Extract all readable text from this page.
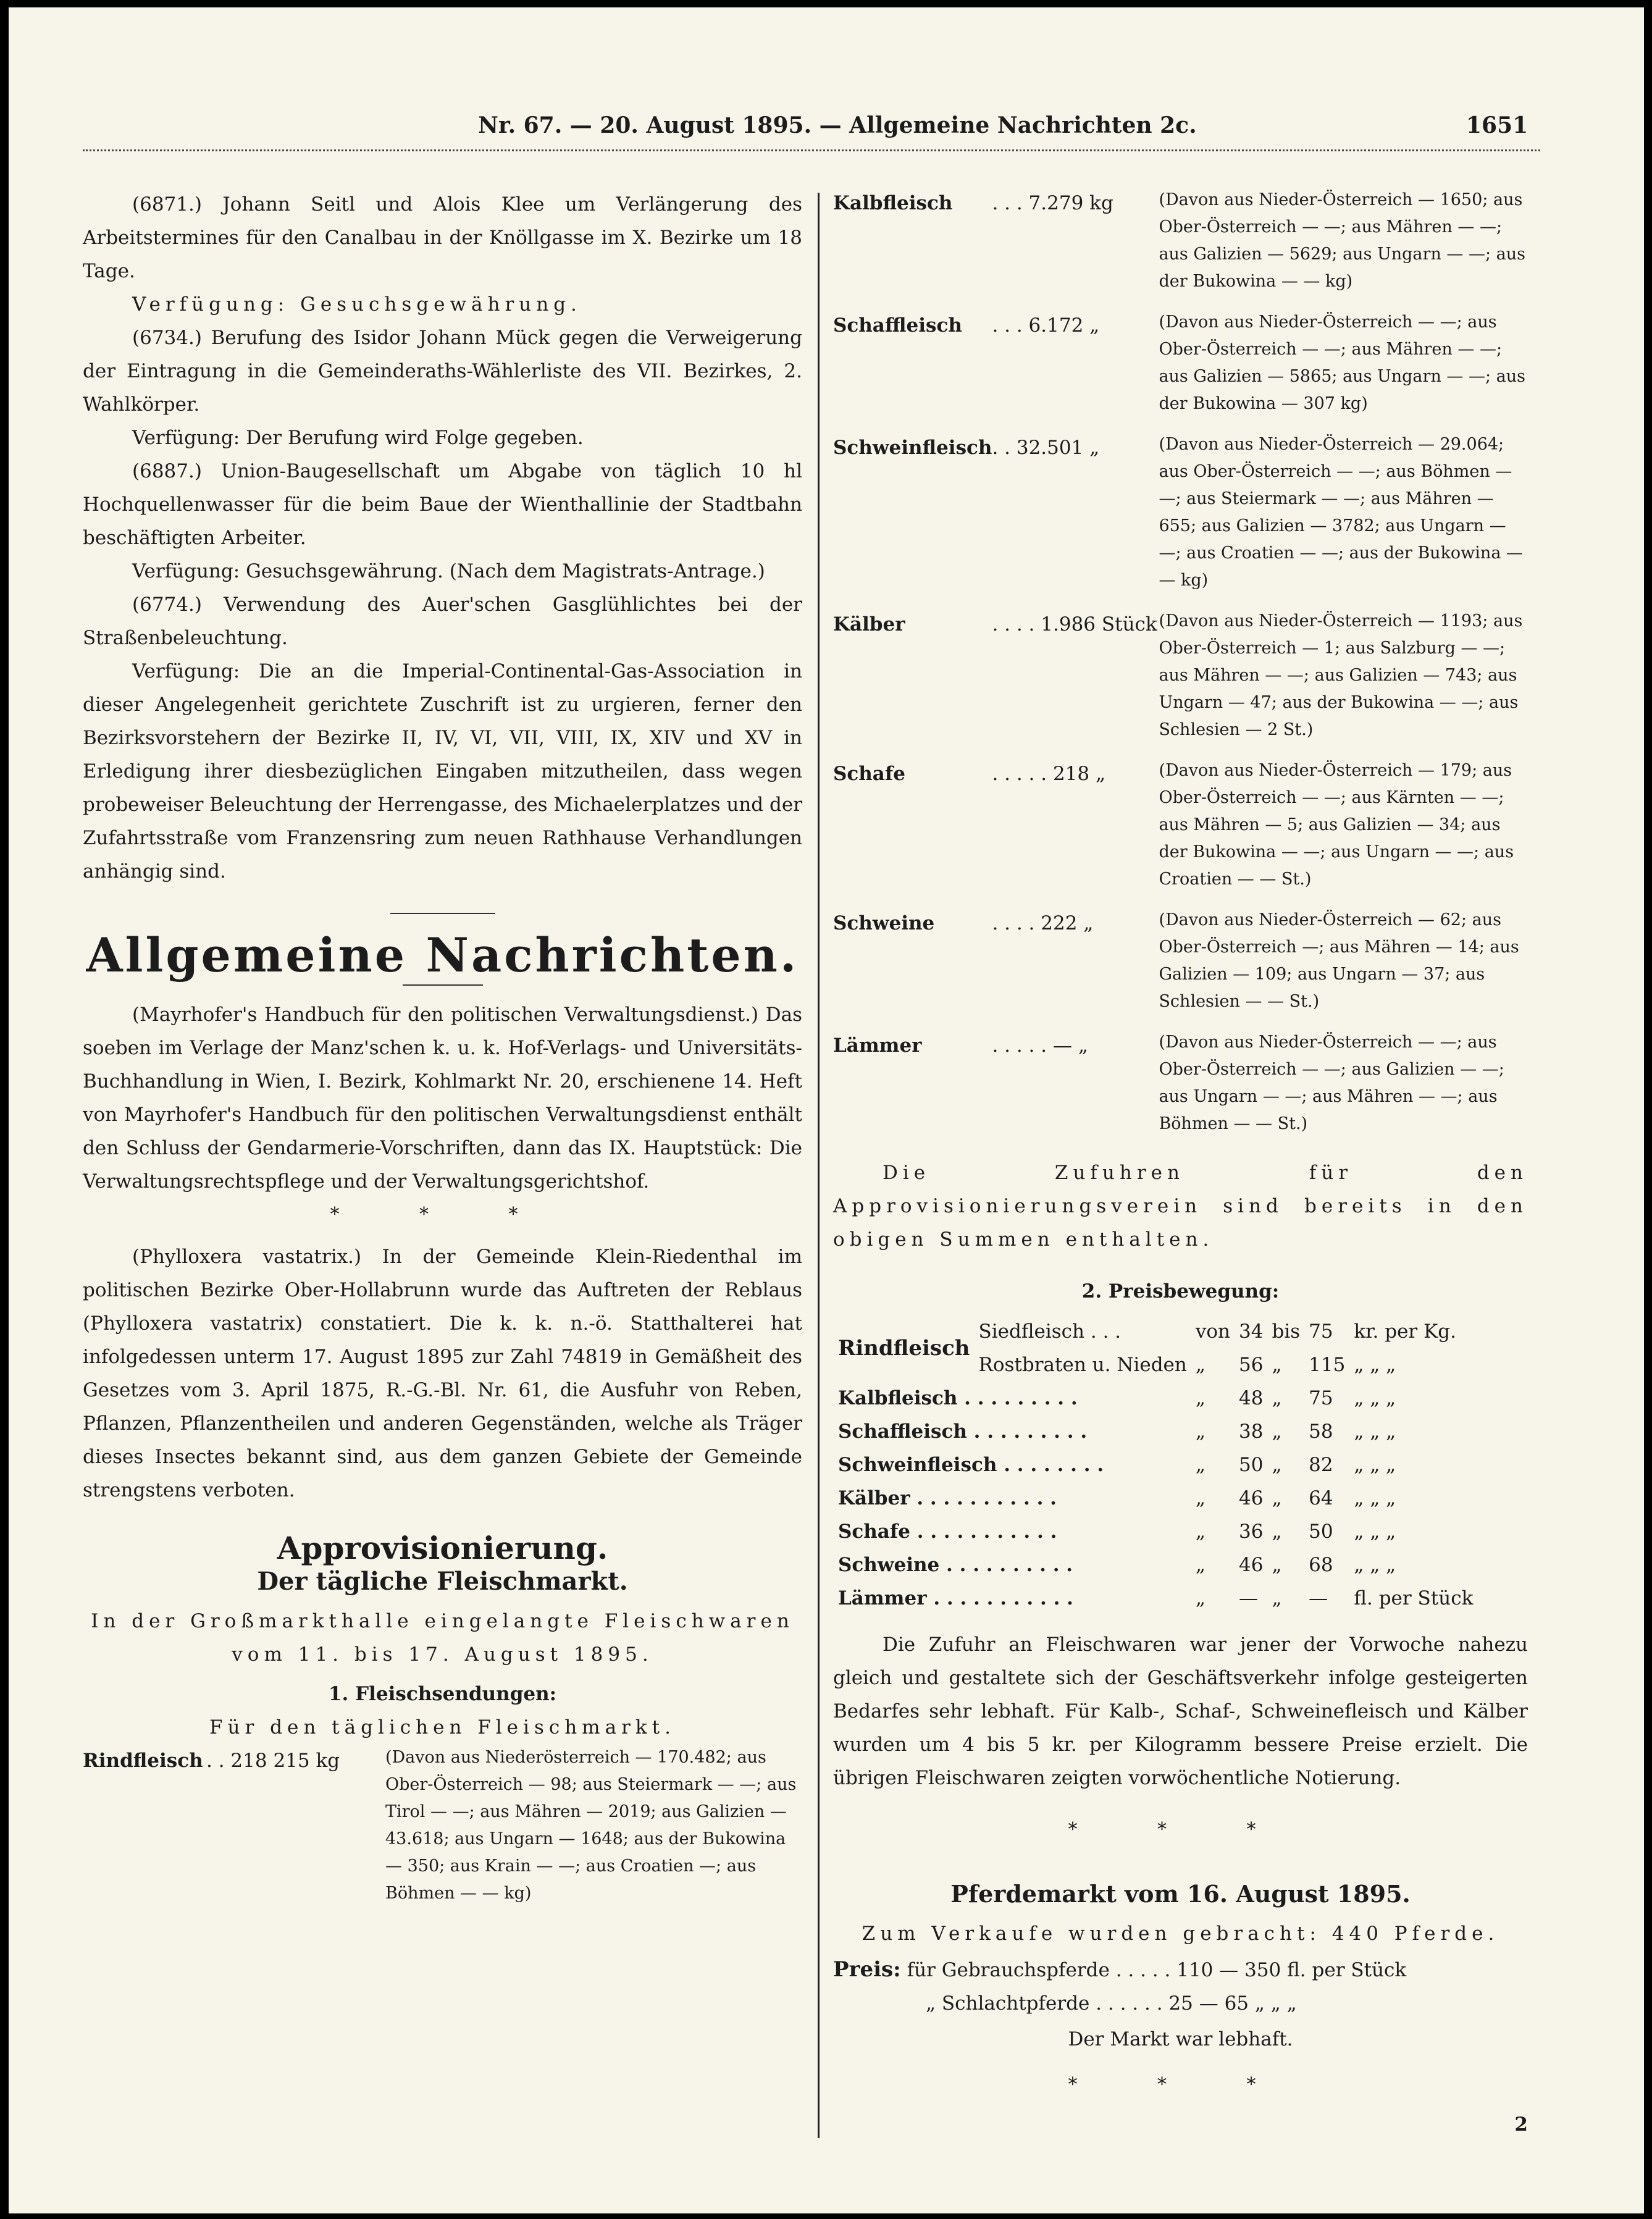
Nr. 67. — 20. August 1895. — Allgemeine Nachrichten 2c.	1651

(6871.) Johann Seitl und Alois Klee um Verlängerung des Arbeitstermines für den Canalbau in der Knöllgasse im X. Bezirke um 18 Tage.

Verfügung: Gesuchsgewährung.

(6734.) Berufung des Isidor Johann Mück gegen die Verweigerung der Eintragung in die Gemeinderaths-Wählerliste des VII. Bezirkes, 2. Wahlkörper.

Verfügung: Der Berufung wird Folge gegeben.

(6887.) Union-Baugesellschaft um Abgabe von täglich 10 hl Hochquellenwasser für die beim Baue der Wienthallinie der Stadtbahn beschäftigten Arbeiter.

Verfügung: Gesuchsgewährung. (Nach dem Magistrats-Antrage.)

(6774.) Verwendung des Auer'schen Gasglühlichtes bei der Straßenbeleuchtung.

Verfügung: Die an die Imperial-Continental-Gas-Association in dieser Angelegenheit gerichtete Zuschrift ist zu urgieren, ferner den Bezirksvorstehern der Bezirke II, IV, VI, VII, VIII, IX, XIV und XV in Erledigung ihrer diesbezüglichen Eingaben mitzutheilen, dass wegen probeweiser Beleuchtung der Herrengasse, des Michaelerplatzes und der Zufahrtsstraße vom Franzensring zum neuen Rathhause Verhandlungen anhängig sind.

Allgemeine Nachrichten.

(Mayrhofer's Handbuch für den politischen Verwaltungsdienst.) Das soeben im Verlage der Manz'schen k. u. k. Hof-Verlags- und Universitäts-Buchhandlung in Wien, I. Bezirk, Kohlmarkt Nr. 20, erschienene 14. Heft von Mayrhofer's Handbuch für den politischen Verwaltungsdienst enthält den Schluss der Gendarmerie-Vorschriften, dann das IX. Hauptstück: Die Verwaltungsrechtspflege und der Verwaltungsgerichtshof.

* * *

(Phylloxera vastatrix.) In der Gemeinde Klein-Riedenthal im politischen Bezirke Ober-Hollabrunn wurde das Auftreten der Reblaus (Phylloxera vastatrix) constatiert. Die k. k. n.-ö. Statthalterei hat infolgedessen unterm 17. August 1895 zur Zahl 74819 in Gemäßheit des Gesetzes vom 3. April 1875, R.-G.-Bl. Nr. 61, die Ausfuhr von Reben, Pflanzen, Pflanzentheilen und anderen Gegenständen, welche als Träger dieses Insectes bekannt sind, aus dem ganzen Gebiete der Gemeinde strengstens verboten.

Approvisionierung.
Der tägliche Fleischmarkt.

In der Großmarkthalle eingelangte Fleischwaren vom 11. bis 17. August 1895.

1. Fleischsendungen:

Für den täglichen Fleischmarkt.

Rindfleisch	. . 218 215 kg	(Davon aus Niederösterreich — 170.482; aus Ober-Österreich — 98; aus Steiermark — —; aus Tirol — —; aus Mähren — 2019; aus Galizien — 43.618; aus Ungarn — 1648; aus der Bukowina — 350; aus Krain — —; aus Croatien —; aus Böhmen — — kg)
Kalbfleisch	. . . 7.279 kg	(Davon aus Nieder-Österreich — 1650; aus Ober-Österreich — —; aus Mähren — —; aus Galizien — 5629; aus Ungarn — —; aus der Bukowina — — kg)

Schaffleisch	. . . 6.172 „	(Davon aus Nieder-Österreich — —; aus Ober-Österreich — —; aus Mähren — —; aus Galizien — 5865; aus Ungarn — —; aus der Bukowina — 307 kg)

Schweinfleisch	. . 32.501 „	(Davon aus Nieder-Österreich — 29.064; aus Ober-Österreich — —; aus Böhmen — —; aus Steiermark — —; aus Mähren — 655; aus Galizien — 3782; aus Ungarn — —; aus Croatien — —; aus der Bukowina — — kg)

Kälber	. . . . 1.986 Stück	(Davon aus Nieder-Österreich — 1193; aus Ober-Österreich — 1; aus Salzburg — —; aus Mähren — —; aus Galizien — 743; aus Ungarn — 47; aus der Bukowina — —; aus Schlesien — 2 St.)

Schafe	. . . . . 218 „	(Davon aus Nieder-Österreich — 179; aus Ober-Österreich — —; aus Kärnten — —; aus Mähren — 5; aus Galizien — 34; aus der Bukowina — —; aus Ungarn — —; aus Croatien — — St.)

Schweine	. . . . 222 „	(Davon aus Nieder-Österreich — 62; aus Ober-Österreich —; aus Mähren — 14; aus Galizien — 109; aus Ungarn — 37; aus Schlesien — — St.)

Lämmer	. . . . . — „	(Davon aus Nieder-Österreich — —; aus Ober-Österreich — —; aus Galizien — —; aus Ungarn — —; aus Mähren — —; aus Böhmen — — St.)

Die Zufuhren für den Approvisionierungsverein sind bereits in den obigen Summen enthalten.

2. Preisbewegung:

Rindfleisch	Siedfleisch . . .	von	34	bis	75	kr. per Kg.
	Rostbraten u. Nieden	„	56	„	115	„ „ „
Kalbfleisch . . . . . . . . .		„	48	„	75	„ „ „
Schaffleisch . . . . . . . . .		„	38	„	58	„ „ „
Schweinfleisch . . . . . . . .		„	50	„	82	„ „ „
Kälber . . . . . . . . . . .		„	46	„	64	„ „ „
Schafe . . . . . . . . . . .		„	36	„	50	„ „ „
Schweine . . . . . . . . . .		„	46	„	68	„ „ „
Lämmer . . . . . . . . . . .		„	—	„	—	fl. per Stück

Die Zufuhr an Fleischwaren war jener der Vorwoche nahezu gleich und gestaltete sich der Geschäftsverkehr infolge gesteigerten Bedarfes sehr lebhaft. Für Kalb-, Schaf-, Schweinefleisch und Kälber wurden um 4 bis 5 kr. per Kilogramm bessere Preise erzielt. Die übrigen Fleischwaren zeigten vorwöchentliche Notierung.

* * *

Pferdemarkt vom 16. August 1895.

Zum Verkaufe wurden gebracht: 440 Pferde.

Preis: für Gebrauchspferde . . . . . 110 — 350 fl. per Stück
„ Schlachtpferde . . . . . . 25 — 65 „ „ „

Der Markt war lebhaft.

* * *
2
